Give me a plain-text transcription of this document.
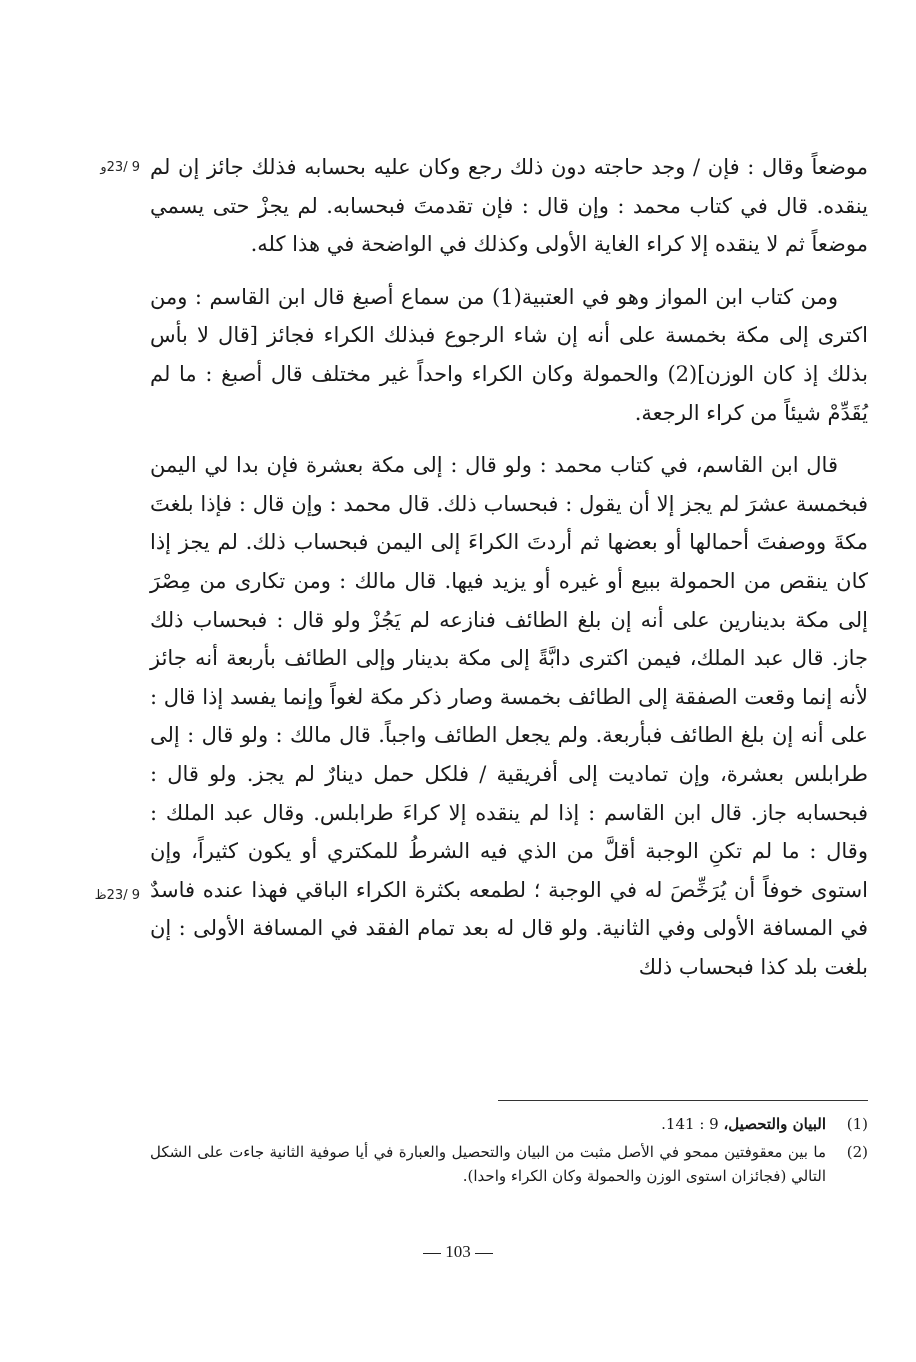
9 /23و
9 /23ظ

موضعاً وقال : فإن / وجد حاجته دون ذلك رجع وكان عليه بحسابه فذلك جائز إن لم ينقده. قال في كتاب محمد : وإن قال : فإن تقدمتَ فبحسابه. لم يجزْ حتى يسمي موضعاً ثم لا ينقده إلا كراء الغاية الأولى وكذلك في الواضحة في هذا كله.

ومن كتاب ابن المواز وهو في العتبية(1) من سماع أصبغ قال ابن القاسم : ومن اكترى إلى مكة بخمسة على أنه إن شاء الرجوع فبذلك الكراء فجائز [قال لا بأس بذلك إذ كان الوزن](2) والحمولة وكان الكراء واحداً غير مختلف قال أصبغ : ما لم يُقَدِّمْ شيئاً من كراء الرجعة.

قال ابن القاسم، في كتاب محمد : ولو قال : إلى مكة بعشرة فإن بدا لي اليمن فبخمسة عشرَ لم يجز إلا أن يقول : فبحساب ذلك. قال محمد : وإن قال : فإذا بلغتَ مكةَ ووصفتَ أحمالها أو بعضها ثم أردتَ الكراءَ إلى اليمن فبحساب ذلك. لم يجز إذا كان ينقص من الحمولة ببيع أو غيره أو يزيد فيها. قال مالك : ومن تكارى من مِصْرَ إلى مكة بدينارين على أنه إن بلغ الطائف فنازعه لم يَجُزْ ولو قال : فبحساب ذلك جاز. قال عبد الملك، فيمن اكترى دابَّةً إلى مكة بدينار وإلى الطائف بأربعة أنه جائز لأنه إنما وقعت الصفقة إلى الطائف بخمسة وصار ذكر مكة لغواً وإنما يفسد إذا قال : على أنه إن بلغ الطائف فبأربعة. ولم يجعل الطائف واجباً. قال مالك : ولو قال : إلى طرابلس بعشرة، وإن تماديت إلى أفريقية / فلكل حمل دينارٌ لم يجز. ولو قال : فبحسابه جاز. قال ابن القاسم : إذا لم ينقده إلا كراءَ طرابلس. وقال عبد الملك : وقال : ما لم تكنِ الوجبة أقلَّ من الذي فيه الشرطُ للمكتري أو يكون كثيراً، وإن استوى خوفاً أن يُرَخِّصَ له في الوجبة ؛ لطمعه بكثرة الكراء الباقي فهذا عنده فاسدٌ في المسافة الأولى وفي الثانية. ولو قال له بعد تمام الفقد في المسافة الأولى : إن بلغت بلد كذا فبحساب ذلك

(1)
البيان والتحصيل، 9 : 141.
(2)
ما بين معقوفتين ممحو في الأصل مثبت من البيان والتحصيل والعبارة في أيا صوفية الثانية جاءت على الشكل التالي (فجائزان استوى الوزن والحمولة وكان الكراء واحدا).
103
